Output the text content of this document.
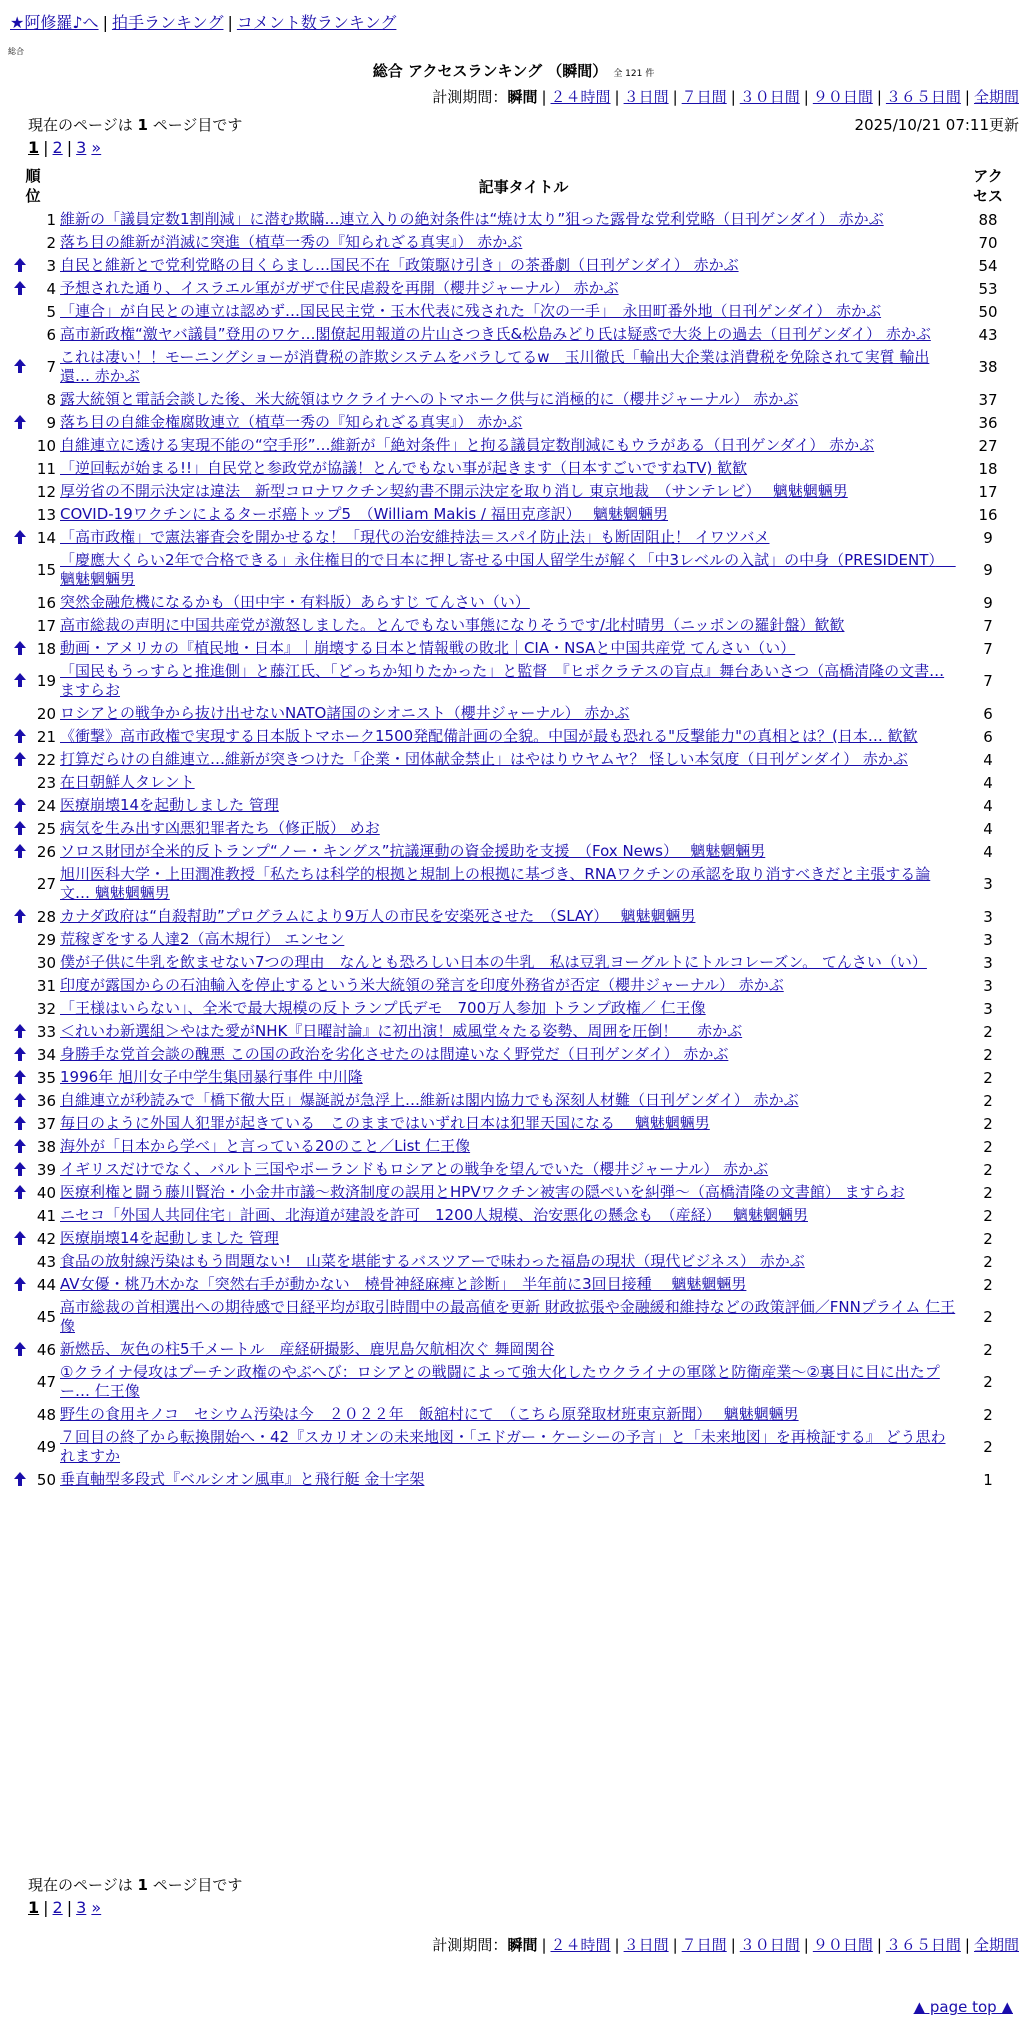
★阿修羅♪へ | 拍手ランキング | コメント数ランキング
総合
総合 アクセスランキング （瞬間） 全 121 件
計測期間：瞬間 | ２４時間 | ３日間 | ７日間 | ３０日間 | ９０日間 | ３６５日間 | 全期間
現在のページは 1 ページ目です	2025/10/21 07:11更新
1 | 2 | 3 »
順
位		記事タイトル	アク
セス
	1	維新の「議員定数1割削減」に潜む欺瞞…連立入りの絶対条件は“焼け太り”狙った露骨な党利党略（日刊ゲンダイ） 赤かぶ	88
	2	落ち目の維新が消滅に突進（植草一秀の『知られざる真実』） 赤かぶ	70
	3	自民と維新とで党利党略の目くらまし…国民不在「政策駆け引き」の茶番劇（日刊ゲンダイ） 赤かぶ	54
	4	予想された通り、イスラエル軍がガザで住民虐殺を再開（櫻井ジャーナル） 赤かぶ	53
	5	「連合」が自民との連立は認めず…国民民主党・玉木代表に残された「次の一手」　永田町番外地（日刊ゲンダイ） 赤かぶ	50
	6	高市新政権“激ヤバ議員”登用のワケ…閣僚起用報道の片山さつき氏&松島みどり氏は疑惑で大炎上の過去（日刊ゲンダイ） 赤かぶ	43
	7	これは凄い！！モーニングショーが消費税の詐欺システムをバラしてるw　玉川徹氏「輸出大企業は消費税を免除されて実質 輸出還… 赤かぶ	38
	8	露大統領と電話会談した後、米大統領はウクライナへのトマホーク供与に消極的に（櫻井ジャーナル） 赤かぶ	37
	9	落ち目の自維金権腐敗連立（植草一秀の『知られざる真実』） 赤かぶ	36
	10	自維連立に透ける実現不能の“空手形”…維新が「絶対条件」と拘る議員定数削減にもウラがある（日刊ゲンダイ） 赤かぶ	27
	11	「逆回転が始まる!!」自民党と参政党が協議！とんでもない事が起きます（日本すごいですねTV) 歓歓	18
	12	厚労省の不開示決定は違法　新型コロナワクチン契約書不開示決定を取り消し 東京地裁　（サンテレビ）　 魑魅魍魎男	17
	13	COVID-19ワクチンによるターボ癌トップ5　（William Makis / 福田克彦訳）　 魑魅魍魎男	16
	14	「高市政権」で憲法審査会を開かせるな！「現代の治安維持法＝スパイ防止法」も断固阻止！ イワツバメ	9
	15	「慶應大くらい2年で合格できる」永住権目的で日本に押し寄せる中国人留学生が解く「中3レベルの入試」の中身（PRESIDENT）　 魑魅魍魎男	9
	16	突然金融危機になるかも（田中宇・有料版）あらすじ てんさい（い）	9
	17	高市総裁の声明に中国共産党が激怒しました。とんでもない事態になりそうです/北村晴男（ニッポンの羅針盤）歓歓	7
	18	動画・アメリカの『植民地・日本』｜崩壊する日本と情報戦の敗北｜CIA・NSAと中国共産党 てんさい（い）	7
	19	「国民もうっすらと推進側」と藤江氏、「どっちか知りたかった」と監督　『ヒポクラテスの盲点』舞台あいさつ（高橋清隆の文書… ますらお	7
	20	ロシアとの戦争から抜け出せないNATO諸国のシオニスト（櫻井ジャーナル） 赤かぶ	6
	21	《衝撃》高市政権で実現する日本版トマホーク1500発配備計画の全貌。中国が最も恐れる"反撃能力"の真相とは？(日本… 歓歓	6
	22	打算だらけの自維連立…維新が突きつけた「企業・団体献金禁止」はやはりウヤムヤ？ 怪しい本気度（日刊ゲンダイ） 赤かぶ	4
	23	在日朝鮮人タレント	4
	24	医療崩壊14を起動しました 管理	4
	25	病気を生み出す凶悪犯罪者たち（修正版） めお	4
	26	ソロス財団が全米的反トランプ“ノー・キングス”抗議運動の資金援助を支援　（Fox News）　 魑魅魍魎男	4
	27	旭川医科大学・上田潤准教授「私たちは科学的根拠と規制上の根拠に基づき、RNAワクチンの承認を取り消すべきだと主張する論文… 魑魅魍魎男	3
	28	カナダ政府は“自殺幇助”プログラムにより9万人の市民を安楽死させた　（SLAY）　 魑魅魍魎男	3
	29	荒稼ぎをする人達2（高木規行） エンセン	3
	30	僕が子供に牛乳を飲ませない7つの理由　なんとも恐ろしい日本の牛乳　私は豆乳ヨーグルトにトルコレーズン。 てんさい（い）	3
	31	印度が露国からの石油輸入を停止するという米大統領の発言を印度外務省が否定（櫻井ジャーナル） 赤かぶ	3
	32	「王様はいらない」、全米で最大規模の反トランプ氏デモ　700万人参加 トランプ政権／ 仁王像	3
	33	＜れいわ新選組＞やはた愛がNHK『日曜討論』に初出演！威風堂々たる姿勢、周囲を圧倒！　 赤かぶ	2
	34	身勝手な党首会談の醜悪 この国の政治を劣化させたのは間違いなく野党だ（日刊ゲンダイ） 赤かぶ	2
	35	1996年 旭川女子中学生集団暴行事件 中川隆	2
	36	自維連立が秒読みで「橋下徹大臣」爆誕説が急浮上…維新は閣内協力でも深刻人材難（日刊ゲンダイ） 赤かぶ	2
	37	毎日のように外国人犯罪が起きている　このままではいずれ日本は犯罪天国になる　 魑魅魍魎男	2
	38	海外が「日本から学べ」と言っている20のこと／List 仁王像	2
	39	イギリスだけでなく、バルト三国やポーランドもロシアとの戦争を望んでいた（櫻井ジャーナル） 赤かぶ	2
	40	医療利権と闘う藤川賢治・小金井市議～救済制度の誤用とHPVワクチン被害の隠ぺいを糾弾～（高橋清隆の文書館） ますらお	2
	41	ニセコ「外国人共同住宅」計画、北海道が建設を許可　1200人規模、治安悪化の懸念も　（産経）　 魑魅魍魎男	2
	42	医療崩壊14を起動しました 管理	2
	43	食品の放射線汚染はもう問題ない!　山菜を堪能するバスツアーで味わった福島の現状（現代ビジネス） 赤かぶ	2
	44	AV女優・桃乃木かな「突然右手が動かない　橈骨神経麻痺と診断」　半年前に3回目接種　 魑魅魍魎男	2
	45	高市総裁の首相選出への期待感で日経平均が取引時間中の最高値を更新 財政拡張や金融緩和維持などの政策評価／FNNプライム 仁王像	2
	46	新燃岳、灰色の柱5千メートル　産経研撮影、鹿児島欠航相次ぐ 舞岡関谷	2
	47	①クライナ侵攻はプーチン政権のやぶへび：ロシアとの戦闘によって強大化したウクライナの軍隊と防衛産業～②裏目に目に出たプー… 仁王像	2
	48	野生の食用キノコ　セシウム汚染は今　２０２２年　飯舘村にて　（こちら原発取材班東京新聞）　 魑魅魍魎男	2
	49	７回目の終了から転換開始へ・42『スカリオンの未来地図・「エドガー・ケーシーの予言」と「未来地図」を再検証する』 どう思われますか	2
	50	垂直軸型多段式『ベルシオン風車』と飛行艇 金十字架	1
現在のページは 1 ページ目です
1 | 2 | 3 »
計測期間：瞬間 | ２４時間 | ３日間 | ７日間 | ３０日間 | ９０日間 | ３６５日間 | 全期間
▲ page top ▲
